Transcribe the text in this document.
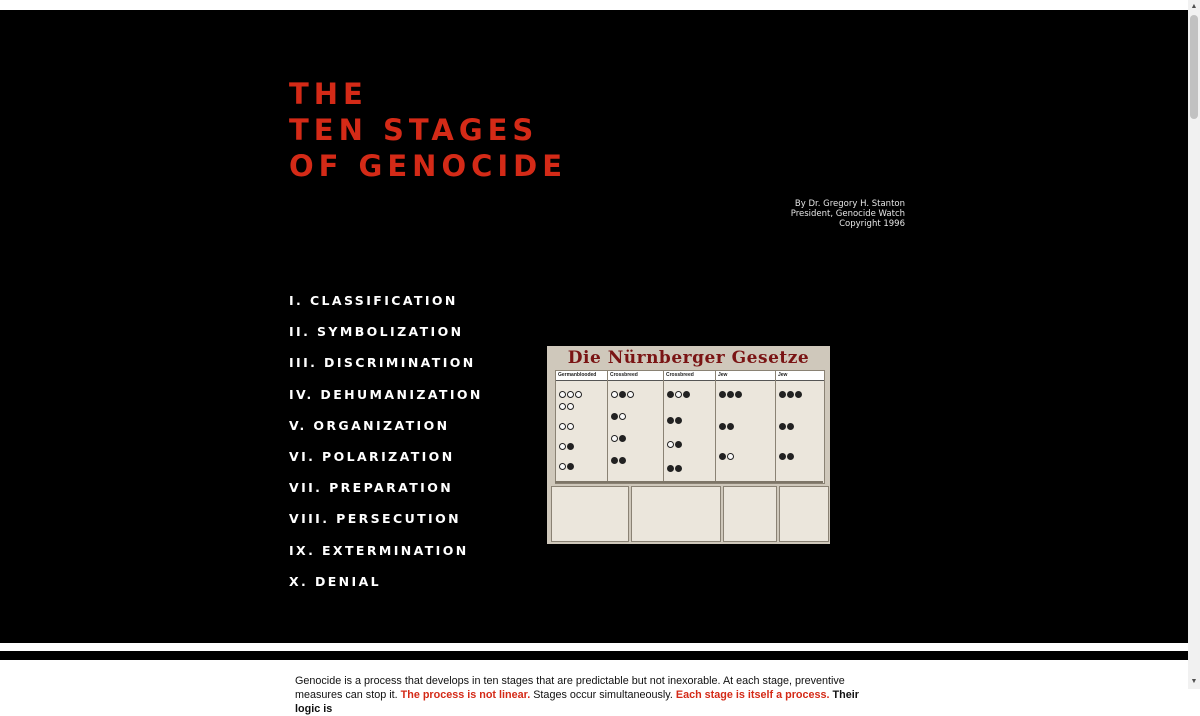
THE
TEN STAGES
OF GENOCIDE
By Dr. Gregory H. Stanton
President, Genocide Watch
Copyright 1996
I. CLASSIFICATION
II. SYMBOLIZATION
III. DISCRIMINATION
IV. DEHUMANIZATION
V. ORGANIZATION
VI. POLARIZATION
VII. PREPARATION
VIII. PERSECUTION
IX. EXTERMINATION
X. DENIAL
Die Nürnberger Gesetze
Germanblooded	Crossbreed	Crossbreed	Jew	Jew

Genocide is a process that develops in ten stages that are predictable but not inexorable. At each stage, preventive measures can stop it. The process is not linear. Stages occur simultaneously. Each stage is itself a process. Their logic is

▲
▼
